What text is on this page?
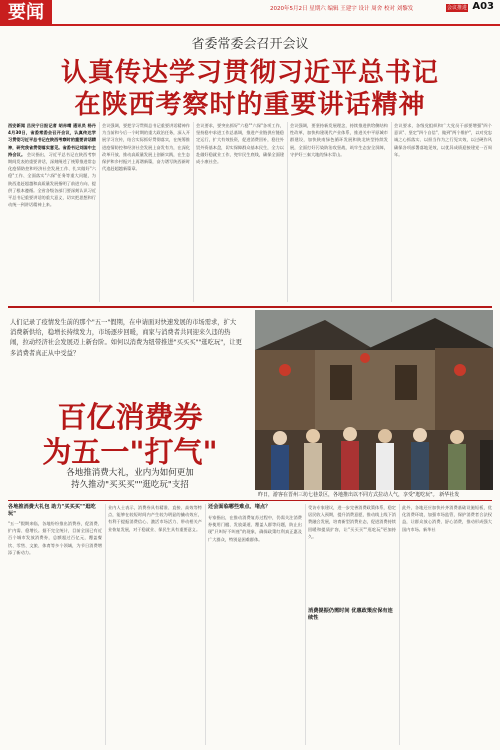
要闻	2020年5月2日 星期六 编辑 王建宇 设计 周舍 校对 刘黎发	会议推进 A03
省委常委会召开会议
认真传达学习贯彻习近平总书记
在陕西考察时的重要讲话精神
西安新闻 吕民宁日报记者 胡赤晴 通讯员 杨丹 4月30日，省委常委会召开会议，认真传达学习贯彻习近平总书记在陕西考察时的重要讲话精神，研究我省贯彻落实意见。省委书记刘国中主持会议。 会议指出，习近平总书记在陕西考察期间发表的重要讲话，深刻阐述了统筹推进常态化疫情防控和经济社会发展工作、扎实做好"六稳"工作、全面落实"六保"任务等重大问题，为陕西追赶超越和高质量发展指明了前进方向、提供了根本遵循。全省各级各部门要深刻认识习近平总书记重要讲话的重大意义，切实把思想和行动统一到讲话精神上来。
会议强调，要把学习贯彻总书记重要讲话精神作为当前和今后一个时期的重大政治任务，深入开展学习宣传，结合实际抓好贯彻落实，在统筹推进疫情防控和经济社会发展上奋发有为，在深化改革开放、推动高质量发展上创新实践，在生态保护和乡村振兴上再谱新篇，奋力谱写陕西新时代追赶超越新篇章。
会议要求，要突出抓好"六稳""六保"各项工作，坚持稳中求进工作总基调，推进产业链供应链稳定运行，扩大有效投资，促进消费回补，稳住外贸外资基本盘，切实保障群众基本民生，全力以赴做好稳就业工作，兜牢民生底线，确保全面建成小康社会。
会议强调，要坚持新发展理念，持续推进供给侧结构性改革，加快构建现代产业体系，推进关中平原城市群建设，加快陕南绿色循环发展和陕北转型持续发展，全面打好污染防治攻坚战，筑牢生态安全屏障，守护好三秦大地的绿水青山。
会议要求，各级党组织和广大党员干部要增强"四个意识"、坚定"四个自信"、做到"两个维护"，以对党忠诚之心抓落实、以担当作为之行见实效，以过硬作风确保各项部署落地见效，以优异成绩迎接建党一百周年。
人们记录了疫情发生前的那个"五一"假期，在申请面对快速发展的市场需求，扩大消费新供给，稳增长持续发力，市场逐步回暖，商家与消费者共同迎来久违的热闹，拉动经济社会发展迈上新台阶。如何以消费为纽带推进"买买买""逛吃玩"，让更多消费者真正从中受益？
百亿消费券
为五一"打气"
各地推消费大礼，业内为如何更加
持久推动"买买买""逛吃玩"支招
昨日，游客在晋州三坊七巷景区，各地推出以不同方式拉动人气，享受"逛吃玩"。 新华社发
各地推消费大礼包 助力"买买买""逛吃玩"
"五一"假期来临，各地纷纷推出消费券，促消费、扩内需、稳增长。据不完全统计，目前全国已有近百个城市发放消费券，总额超过百亿元，覆盖餐饮、零售、文旅、体育等多个领域，为节日消费增添了新动力。
业内人士表示，消费券具有精准、直接、高效等特点，能够在较短时间内产生较为明显的撬动效应，有利于提振消费信心、激活市场活力、带动相关产业恢复发展，对于稳就业、保民生具有重要意义。
还会面临哪些难点、堵点？
专家指出，在推动消费复苏过程中，仍需关注消费券使用门槛、发放渠道、覆盖人群等问题，防止出现"只叫好不叫座"的现象，确保政策红利真正惠及广大群众，特别是困难群体。
受访专家建议，进一步完善消费政策体系，稳定居民收入预期，提升消费意愿，推动线上线下消费融合发展，培育新型消费业态，促进消费持续回暖和提质扩容，让"买买买""逛吃玩"更加持久。
消费提振仍需时间 优惠政策应保有连续性
此外，各地还应加快补齐消费基础设施短板，优化消费环境，加强市场监管，保护消费者合法权益，让群众放心消费、舒心消费，推动形成强大国内市场。新华社
